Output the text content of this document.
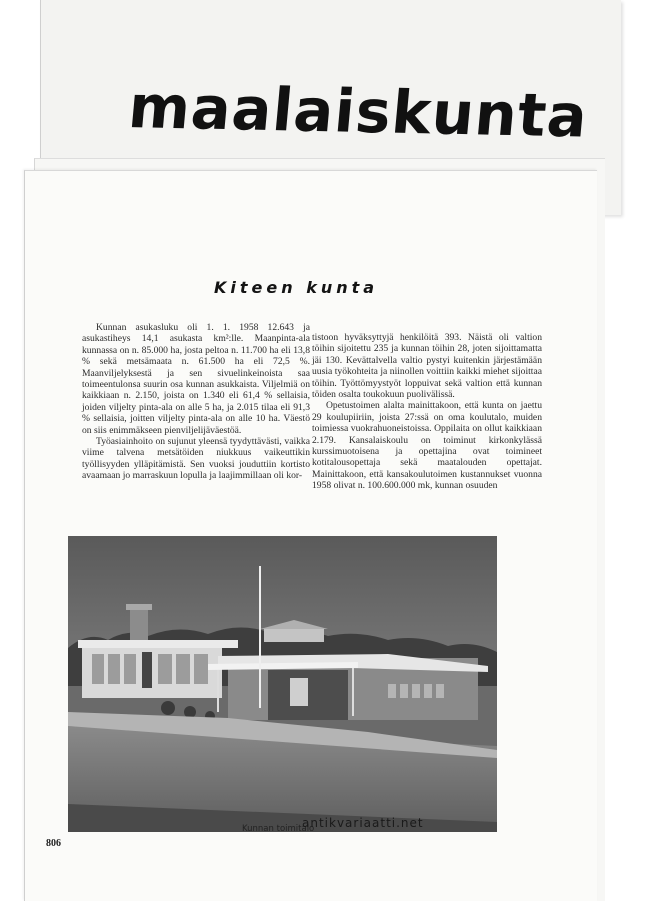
maalaiskunta
Kiteen kunta

Kunnan asukasluku oli 1. 1. 1958 12.643 ja asukastiheys 14,1 asukasta km²:lle. Maanpinta-ala kunnassa on n. 85.000 ha, josta peltoa n. 11.700 ha eli 13,8 % sekä metsämaata n. 61.500 ha eli 72,5 %. Maanviljelyksestä ja sen sivuelinkeinoista saa toimeentulonsa suurin osa kunnan asukkaista. Viljelmiä on kaikkiaan n. 2.150, joista on 1.340 eli 61,4 % sellaisia, joiden viljelty pinta-ala on alle 5 ha, ja 2.015 tilaa eli 91,3 % sellaisia, joitten viljelty pinta-ala on alle 10 ha. Väestö on siis enimmäkseen pienviljelijäväestöä.

Työasiainhoito on sujunut yleensä tyydyttävästi, vaikka viime talvena metsätöiden niukkuus vaikeuttikin työllisyyden ylläpitämistä. Sen vuoksi jouduttiin kortisto avaamaan jo marraskuun lopulla ja laajimmillaan oli kor-

tistoon hyväksyttyjä henkilöitä 393. Näistä oli valtion töihin sijoitettu 235 ja kunnan töihin 28, joten sijoittamatta jäi 130. Kevättalvella valtio pystyi kuitenkin järjestämään uusia työkohteita ja niinollen voittiin kaikki miehet sijoittaa töihin. Työttömyystyöt loppuivat sekä valtion että kunnan töiden osalta toukokuun puolivälissä.

Opetustoimen alalta mainittakoon, että kunta on jaettu 29 koulupiiriin, joista 27:ssä on oma koulutalo, muiden toimiessa vuokrahuoneistoissa. Oppilaita on ollut kaikkiaan 2.179. Kansalaiskoulu on toiminut kirkonkylässä kurssimuotoisena ja opettajina ovat toimineet kotitalousopettaja sekä maatalouden opettajat. Mainittakoon, että kansakoulutoimen kustannukset vuonna 1958 olivat n. 100.600.000 mk, kunnan osuuden

Kunnan toimitalo
806
antikvariaatti.net
